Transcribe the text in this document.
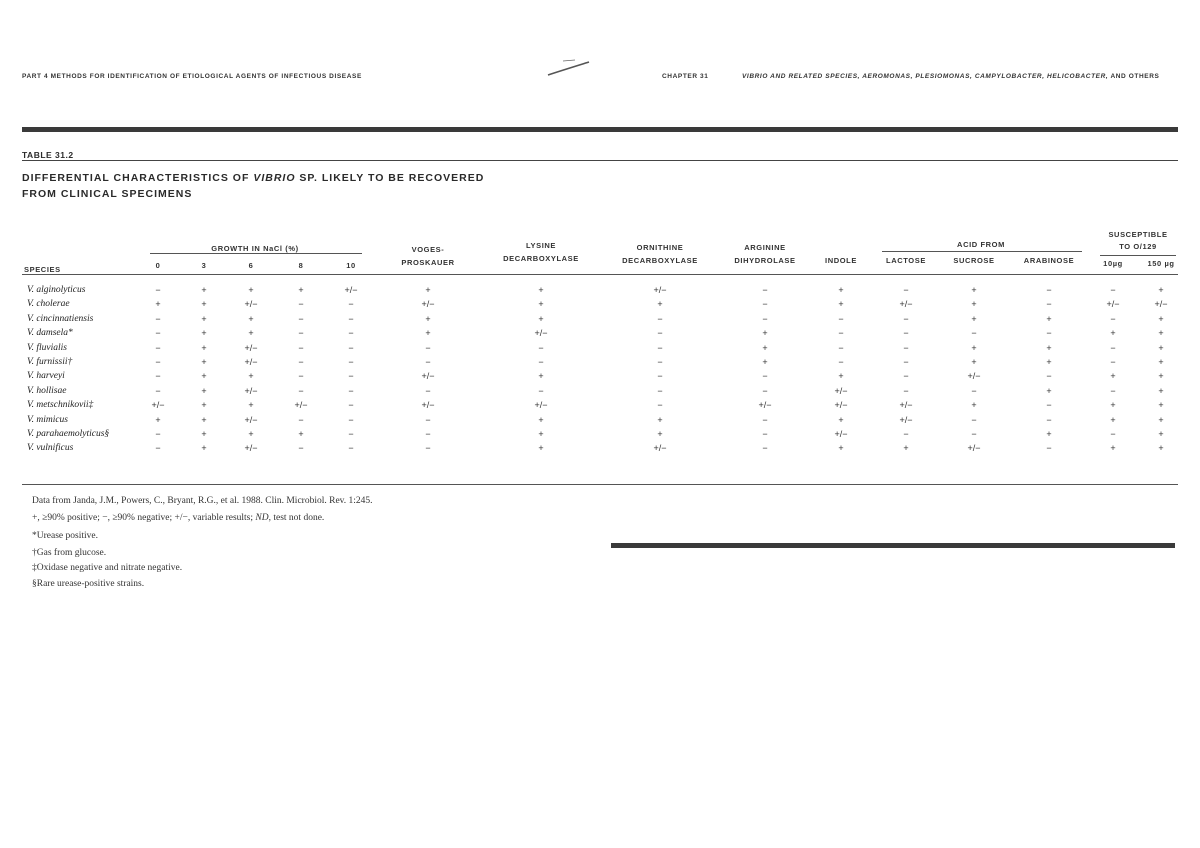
PART 4 METHODS FOR IDENTIFICATION OF ETIOLOGICAL AGENTS OF INFECTIOUS DISEASE	CHAPTER 31	VIBRIO AND RELATED SPECIES, AEROMONAS, PLESIOMONAS, CAMPYLOBACTER, HELICOBACTER, AND OTHERS
TABLE 31.2
DIFFERENTIAL CHARACTERISTICS OF VIBRIO SP. LIKELY TO BE RECOVERED
FROM CLINICAL SPECIMENS
GROWTH IN NaCl (%)	ACID FROM
SUSCEPTIBLE
TO O/129
SPECIES	0	3	6	8	10
VOGES-
PROSKAUER
LYSINE
DECARBOXYLASE
ORNITHINE
DECARBOXYLASE
ARGININE
DIHYDROLASE	INDOLE	LACTOSE	SUCROSE	ARABINOSE	10µg	150 µg
V. alginolyticus	−	+	+	+	+/−	+	+	+/−	−	+	−	+	−	−	+
V. cholerae	+	+	+/−	−	−	+/−	+	+	−	+	+/−	+	−	+/−	+/−
V. cincinnatiensis	−	+	+	−	−	+	+	−	−	−	−	+	+	−	+
V. damsela*	−	+	+	−	−	+	+/−	−	+	−	−	−	−	+	+
V. fluvialis	−	+	+/−	−	−	−	−	−	+	−	−	+	+	−	+
V. furnissii†	−	+	+/−	−	−	−	−	−	+	−	−	+	+	−	+
V. harveyi	−	+	+	−	−	+/−	+	−	−	+	−	+/−	−	+	+
V. hollisae	−	+	+/−	−	−	−	−	−	−	+/−	−	−	+	−	+
V. metschnikovii‡	+/−	+	+	+/−	−	+/−	+/−	−	+/−	+/−	+/−	+	−	+	+
V. mimicus	+	+	+/−	−	−	−	+	+	−	+	+/−	−	−	+	+
V. parahaemolyticus§	−	+	+	+	−	−	+	+	−	+/−	−	−	+	−	+
V. vulnificus	−	+	+/−	−	−	−	+	+/−	−	+	+	+/−	−	+	+
Data from Janda, J.M., Powers, C., Bryant, R.G., et al. 1988. Clin. Microbiol. Rev. 1:245.
+, ≥90% positive; −, ≥90% negative; +/−, variable results; ND, test not done.
*Urease positive.
†Gas from glucose.
‡Oxidase negative and nitrate negative.
§Rare urease-positive strains.
